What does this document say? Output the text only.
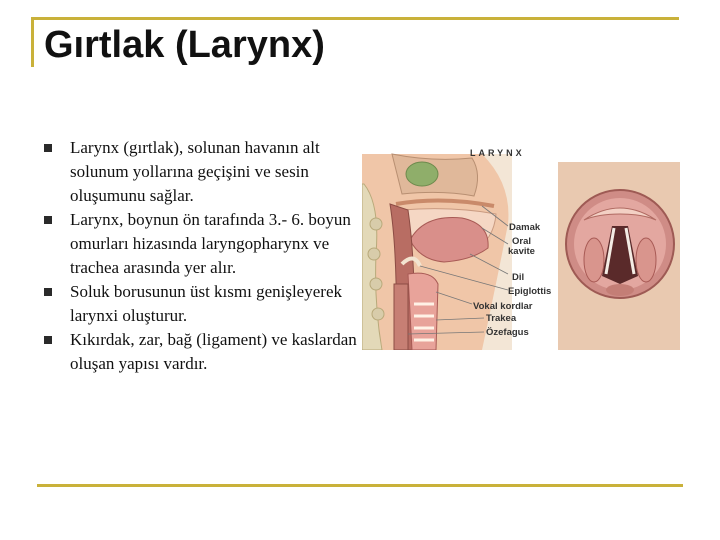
Gırtlak (Larynx)
Larynx (gırtlak), solunan havanın alt solunum yollarına geçişini ve sesin oluşumunu sağlar.
Larynx, boynun ön tarafında 3.- 6. boyun omurları hizasında laryngopharynx ve trachea arasında yer alır.
Soluk borusunun üst kısmı genişleyerek larynxi oluşturur.
Kıkırdak, zar, bağ (ligament) ve kaslardan oluşan yapısı vardır.
LARYNX
Damak
Oral
kavite
Dil
Epiglottis
Vokal kordlar
Trakea
Özefagus
